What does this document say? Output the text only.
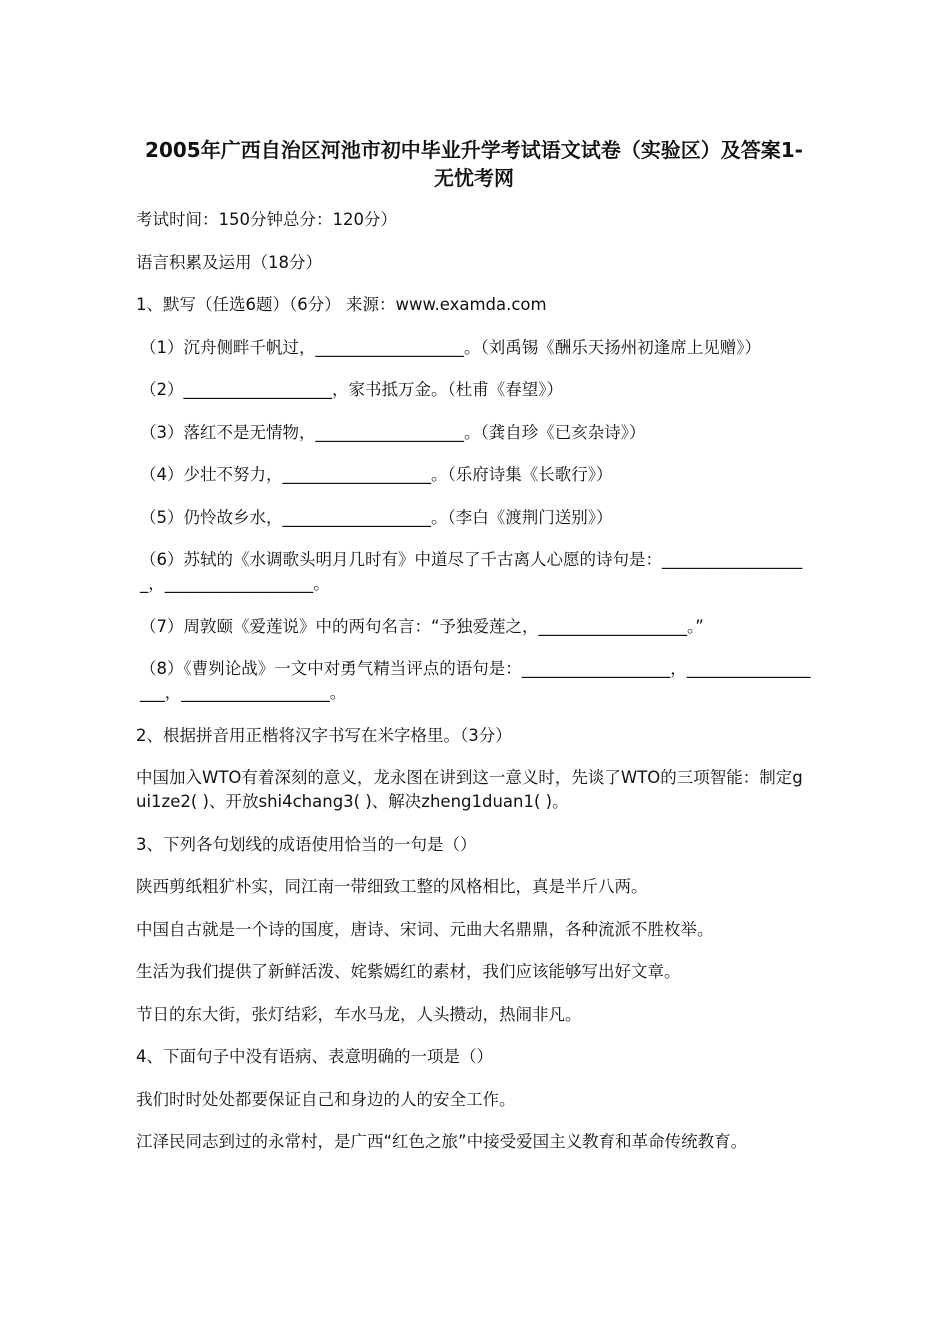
2005年广西自治区河池市初中毕业升学考试语文试卷（实验区）及答案1-无忧考网
考试时间：150分钟总分：120分）
语言积累及运用（18分）
1、默写（任选6题）（6分） 来源：www.examda.com
（1）沉舟侧畔千帆过，__________________。（刘禹锡《酬乐天扬州初逢席上见赠》）
（2）__________________，家书抵万金。（杜甫《春望》）
（3）落红不是无情物，__________________。（龚自珍《已亥杂诗》）
（4）少壮不努力，__________________。（乐府诗集《长歌行》）
（5）仍怜故乡水，__________________。（李白《渡荆门送别》）
（6）苏轼的《水调歌头明月几时有》中道尽了千古离人心愿的诗句是：__________________，__________________。
（7）周敦颐《爱莲说》中的两句名言：“予独爱莲之，__________________。”
（8）《曹刿论战》一文中对勇气精当评点的语句是：__________________，__________________，__________________。
2、根据拼音用正楷将汉字书写在米字格里。（3分）
中国加入WTO有着深刻的意义，龙永图在讲到这一意义时，先谈了WTO的三项智能：制定gui1ze2( )、开放shi4chang3( )、解决zheng1duan1( )。
3、下列各句划线的成语使用恰当的一句是（）
陕西剪纸粗犷朴实，同江南一带细致工整的风格相比，真是半斤八两。
中国自古就是一个诗的国度，唐诗、宋词、元曲大名鼎鼎，各种流派不胜枚举。
生活为我们提供了新鲜活泼、姹紫嫣红的素材，我们应该能够写出好文章。
节日的东大街，张灯结彩，车水马龙，人头攒动，热闹非凡。
4、下面句子中没有语病、表意明确的一项是（）
我们时时处处都要保证自己和身边的人的安全工作。
江泽民同志到过的永常村，是广西“红色之旅”中接受爱国主义教育和革命传统教育。
